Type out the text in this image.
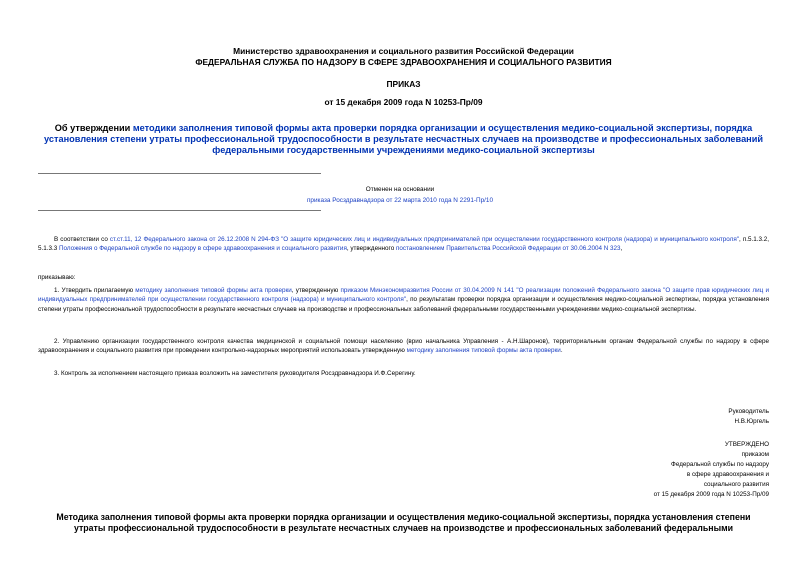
Министерство здравоохранения и социального развития Российской Федерации
ФЕДЕРАЛЬНАЯ СЛУЖБА ПО НАДЗОРУ В СФЕРЕ ЗДРАВООХРАНЕНИЯ И СОЦИАЛЬНОГО РАЗВИТИЯ
ПРИКАЗ
от 15 декабря 2009 года N 10253-Пр/09
Об утверждении методики заполнения типовой формы акта проверки порядка организации и осуществления медико-социальной экспертизы, порядка установления степени утраты профессиональной трудоспособности в результате несчастных случаев на производстве и профессиональных заболеваний федеральными государственными учреждениями медико-социальной экспертизы
Отменен на основании
приказа Росздравнадзора от 22 марта 2010 года N 2291-Пр/10
В соответствии со ст.ст.11, 12 Федерального закона от 26.12.2008 N 294-ФЗ "О защите юридических лиц и индивидуальных предпринимателей при осуществлении государственного контроля (надзора) и муниципального контроля", п.5.1.3.2, 5.1.3.3 Положения о Федеральной службе по надзору в сфере здравоохранения и социального развития, утвержденного постановлением Правительства Российской Федерации от 30.06.2004 N 323,
приказываю:
1. Утвердить прилагаемую методику заполнения типовой формы акта проверки, утвержденную приказом Минэкономразвития России от 30.04.2009 N 141 "О реализации положений Федерального закона "О защите прав юридических лиц и индивидуальных предпринимателей при осуществлении государственного контроля (надзора) и муниципального контроля", по результатам проверки порядка организации и осуществления медико-социальной экспертизы, порядка установления степени утраты профессиональной трудоспособности в результате несчастных случаев на производстве и профессиональных заболеваний федеральными государственными учреждениями медико-социальной экспертизы.
2. Управлению организации государственного контроля качества медицинской и социальной помощи населению (врио начальника Управления - А.Н.Шаронов), территориальным органам Федеральной службы по надзору в сфере здравоохранения и социального развития при проведении контрольно-надзорных мероприятий использовать утвержденную методику заполнения типовой формы акта проверки.
3. Контроль за исполнением настоящего приказа возложить на заместителя руководителя Росздравнадзора И.Ф.Серегину.
Руководитель
Н.В.Юргель
УТВЕРЖДЕНО
приказом
Федеральной службы по надзору
в сфере здравоохранения и
социального развития
от 15 декабря 2009 года N 10253-Пр/09
Методика заполнения типовой формы акта проверки порядка организации и осуществления медико-социальной экспертизы, порядка установления степени утраты профессиональной трудоспособности в результате несчастных случаев на производстве и профессиональных заболеваний федеральными
